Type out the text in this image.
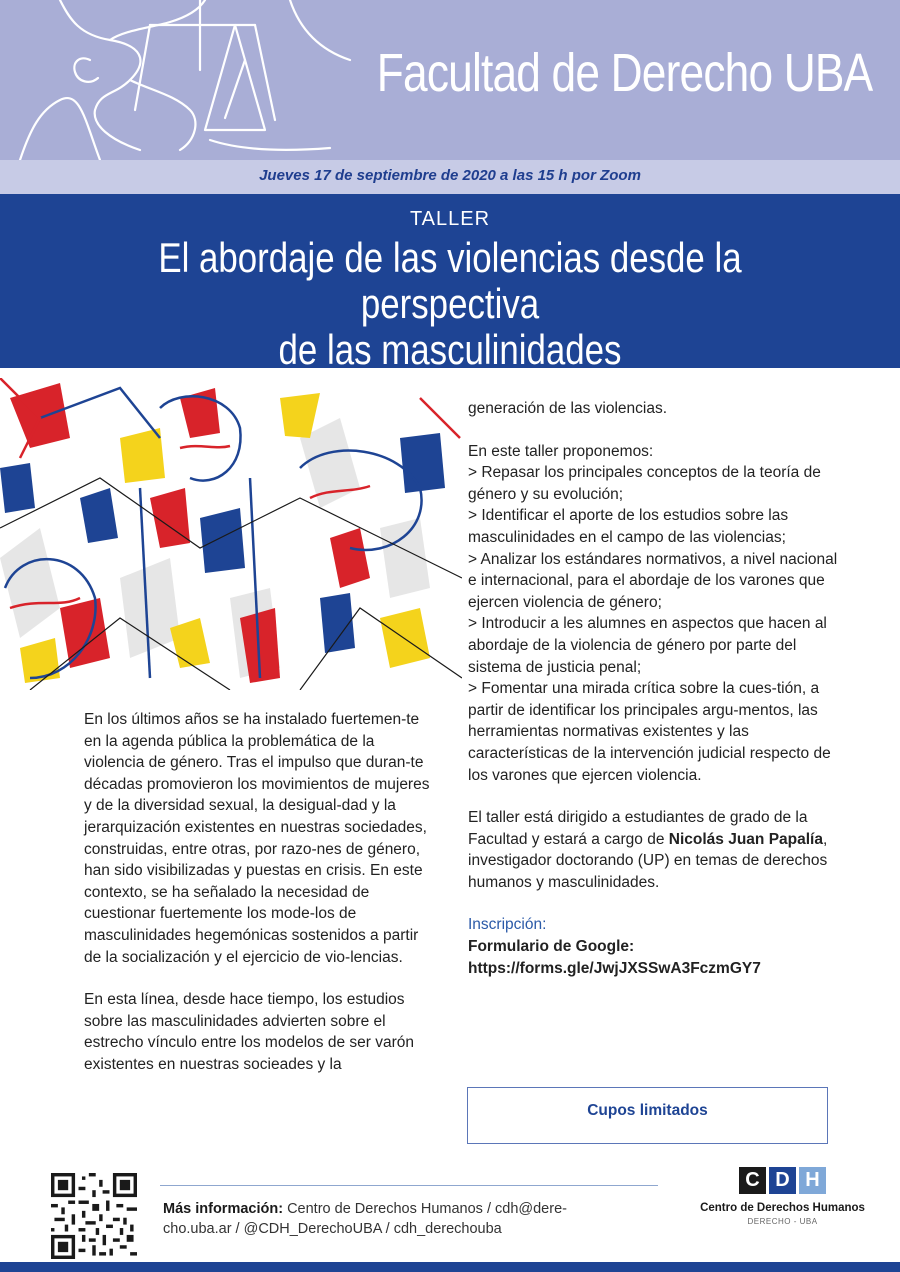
Facultad de Derecho UBA
Jueves 17 de septiembre de 2020 a las 15 h por Zoom
TALLER
El abordaje de las violencias desde la perspectiva
de las masculinidades

En los últimos años se ha instalado fuertemen-te en la agenda pública la problemática de la violencia de género. Tras el impulso que duran-te décadas promovieron los movimientos de mujeres y de la diversidad sexual, la desigual-dad y la jerarquización existentes en nuestras sociedades, construidas, entre otras, por razo-nes de género, han sido visibilizadas y puestas en crisis. En este contexto, se ha señalado la necesidad de cuestionar fuertemente los mode-los de masculinidades hegemónicas sostenidos a partir de la socialización y el ejercicio de vio-lencias.

En esta línea, desde hace tiempo, los estudios sobre las masculinidades advierten sobre el estrecho vínculo entre los modelos de ser varón existentes en nuestras socieades y la

generación de las violencias.
En este taller proponemos:
> Repasar los principales conceptos de la teoría de género y su evolución;
> Identificar el aporte de los estudios sobre las masculinidades en el campo de las violencias;
> Analizar los estándares normativos, a nivel nacional e internacional, para el abordaje de los varones que ejercen violencia de género;
> Introducir a les alumnes en aspectos que hacen al abordaje de la violencia de género por parte del sistema de justicia penal;
> Fomentar una mirada crítica sobre la cues-tión, a partir de identificar los principales argu-mentos, las herramientas normativas existentes y las características de la intervención judicial respecto de los varones que ejercen violencia.
El taller está dirigido a estudiantes de grado de la Facultad y estará a cargo de Nicolás Juan Papalía, investigador doctorando (UP) en temas de derechos humanos y masculinidades.
Inscripción:
Formulario de Google:
https://forms.gle/JwjJXSSwA3FczmGY7
Cupos limitados
Más información: Centro de Derechos Humanos / cdh@dere-cho.uba.ar / @CDH_DerechoUBA / cdh_derechouba
C D H
Centro de Derechos Humanos
DERECHO - UBA
